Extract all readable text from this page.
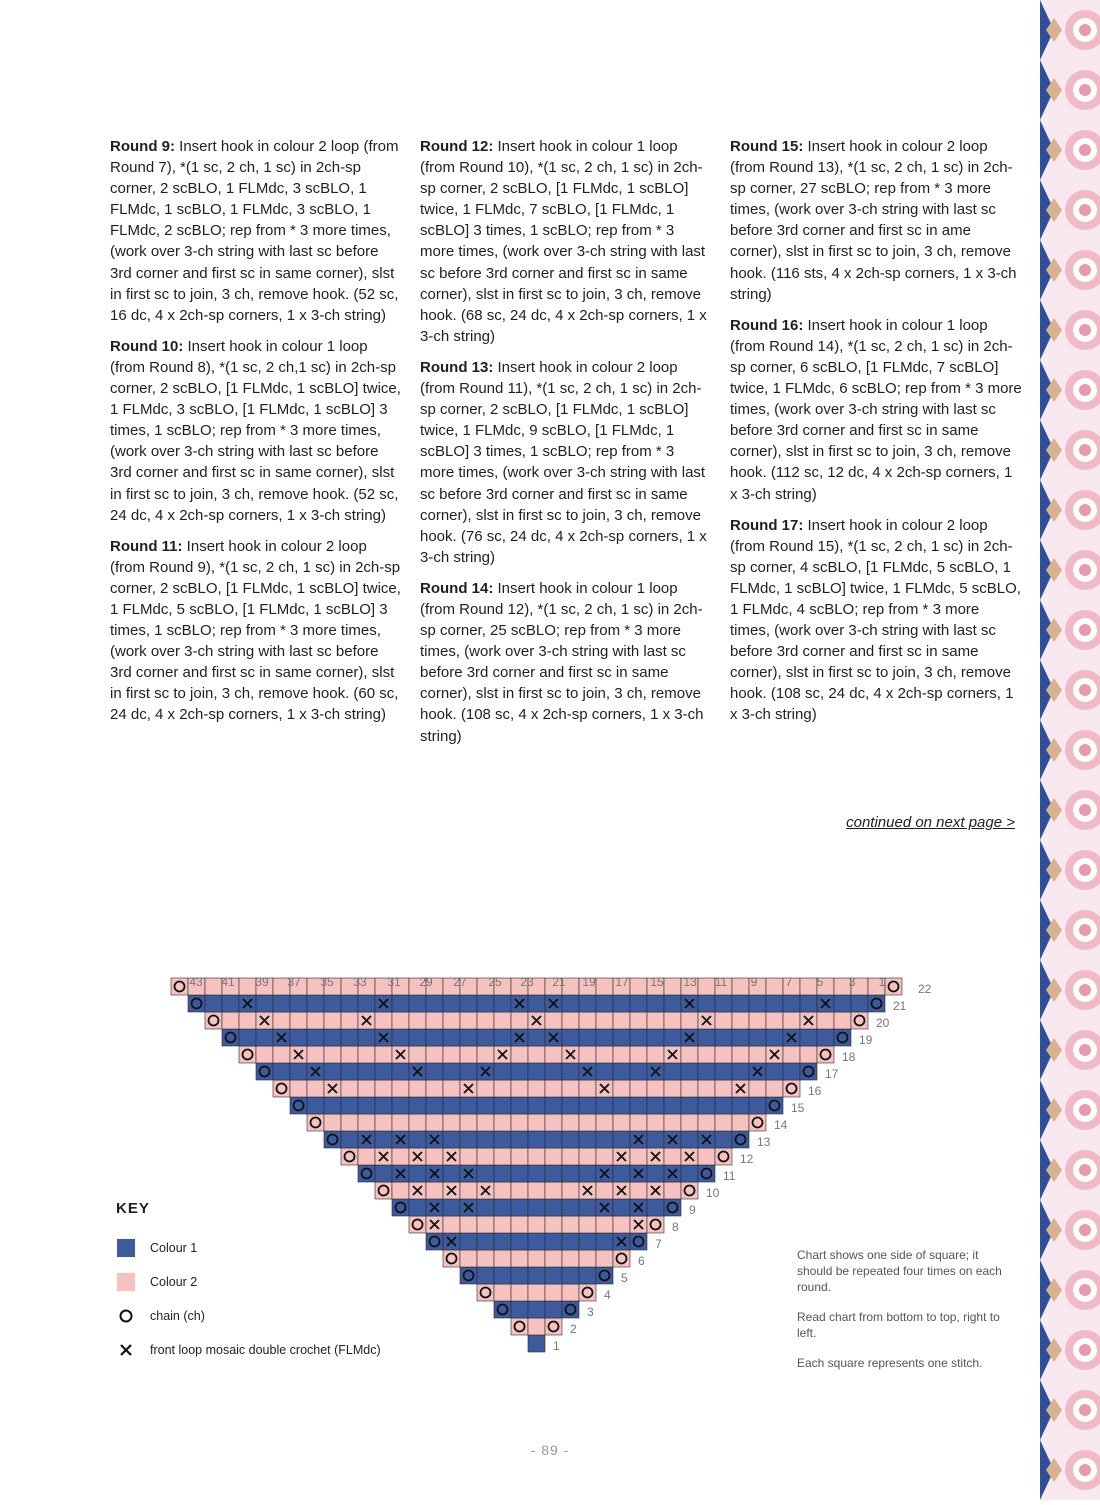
Round 9: Insert hook in colour 2 loop (from Round 7), *(1 sc, 2 ch, 1 sc) in 2ch-sp corner, 2 scBLO, 1 FLMdc, 3 scBLO, 1 FLMdc, 1 scBLO, 1 FLMdc, 3 scBLO, 1 FLMdc, 2 scBLO; rep from * 3 more times, (work over 3-ch string with last sc before 3rd corner and first sc in same corner), slst in first sc to join, 3 ch, remove hook. (52 sc, 16 dc, 4 x 2ch-sp corners, 1 x 3-ch string)

Round 10: Insert hook in colour 1 loop (from Round 8), *(1 sc, 2 ch,1 sc) in 2ch-sp corner, 2 scBLO, [1 FLMdc, 1 scBLO] twice, 1 FLMdc, 3 scBLO, [1 FLMdc, 1 scBLO] 3 times, 1 scBLO; rep from * 3 more times, (work over 3-ch string with last sc before 3rd corner and first sc in same corner), slst in first sc to join, 3 ch, remove hook. (52 sc, 24 dc, 4 x 2ch-sp corners, 1 x 3-ch string)

Round 11: Insert hook in colour 2 loop (from Round 9), *(1 sc, 2 ch, 1 sc) in 2ch-sp corner, 2 scBLO, [1 FLMdc, 1 scBLO] twice, 1 FLMdc, 5 scBLO, [1 FLMdc, 1 scBLO] 3 times, 1 scBLO; rep from * 3 more times, (work over 3-ch string with last sc before 3rd corner and first sc in same corner), slst in first sc to join, 3 ch, remove hook. (60 sc, 24 dc, 4 x 2ch-sp corners, 1 x 3-ch string)

Round 12: Insert hook in colour 1 loop (from Round 10), *(1 sc, 2 ch, 1 sc) in 2ch-sp corner, 2 scBLO, [1 FLMdc, 1 scBLO] twice, 1 FLMdc, 7 scBLO, [1 FLMdc, 1 scBLO] 3 times, 1 scBLO; rep from * 3 more times, (work over 3-ch string with last sc before 3rd corner and first sc in same corner), slst in first sc to join, 3 ch, remove hook. (68 sc, 24 dc, 4 x 2ch-sp corners, 1 x 3-ch string)

Round 13: Insert hook in colour 2 loop (from Round 11), *(1 sc, 2 ch, 1 sc) in 2ch-sp corner, 2 scBLO, [1 FLMdc, 1 scBLO] twice, 1 FLMdc, 9 scBLO, [1 FLMdc, 1 scBLO] 3 times, 1 scBLO; rep from * 3 more times, (work over 3-ch string with last sc before 3rd corner and first sc in same corner), slst in first sc to join, 3 ch, remove hook. (76 sc, 24 dc, 4 x 2ch-sp corners, 1 x 3-ch string)

Round 14: Insert hook in colour 1 loop (from Round 12), *(1 sc, 2 ch, 1 sc) in 2ch-sp corner, 25 scBLO; rep from * 3 more times, (work over 3-ch string with last sc before 3rd corner and first sc in same corner), slst in first sc to join, 3 ch, remove hook. (108 sc, 4 x 2ch-sp corners, 1 x 3-ch string)

Round 15: Insert hook in colour 2 loop (from Round 13), *(1 sc, 2 ch, 1 sc) in 2ch-sp corner, 27 scBLO; rep from * 3 more times, (work over 3-ch string with last sc before 3rd corner and first sc in ame corner), slst in first sc to join, 3 ch, remove hook. (116 sts, 4 x 2ch-sp corners, 1 x 3-ch string)

Round 16: Insert hook in colour 1 loop (from Round 14), *(1 sc, 2 ch, 1 sc) in 2ch-sp corner, 6 scBLO, [1 FLMdc, 7 scBLO] twice, 1 FLMdc, 6 scBLO; rep from * 3 more times, (work over 3-ch string with last sc before 3rd corner and first sc in same corner), slst in first sc to join, 3 ch, remove hook. (112 sc, 12 dc, 4 x 2ch-sp corners, 1 x 3-ch string)

Round 17: Insert hook in colour 2 loop (from Round 15), *(1 sc, 2 ch, 1 sc) in 2ch-sp corner, 4 scBLO, [1 FLMdc, 5 scBLO, 1 FLMdc, 1 scBLO] twice, 1 FLMdc, 5 scBLO, 1 FLMdc, 4 scBLO; rep from * 3 more times, (work over 3-ch string with last sc before 3rd corner and first sc in same corner), slst in first sc to join, 3 ch, remove hook. (108 sc, 24 dc, 4 x 2ch-sp corners, 1 x 3-ch string)

continued on next page >
1
2
3
4
5
6
7
8
9
10
11
12
13
14
15
16
17
18
19
20
21
22
43 41 39 37 35 33 31 29 27 25 23 21 19 17 15 13 11 9 7 5 3 1
KEY
Colour 1
Colour 2
chain (ch)
front loop mosaic double crochet (FLMdc)

Chart shows one side of square; it should be repeated four times on each round.

Read chart from bottom to top, right to left.

Each square represents one stitch.

- 89 -
